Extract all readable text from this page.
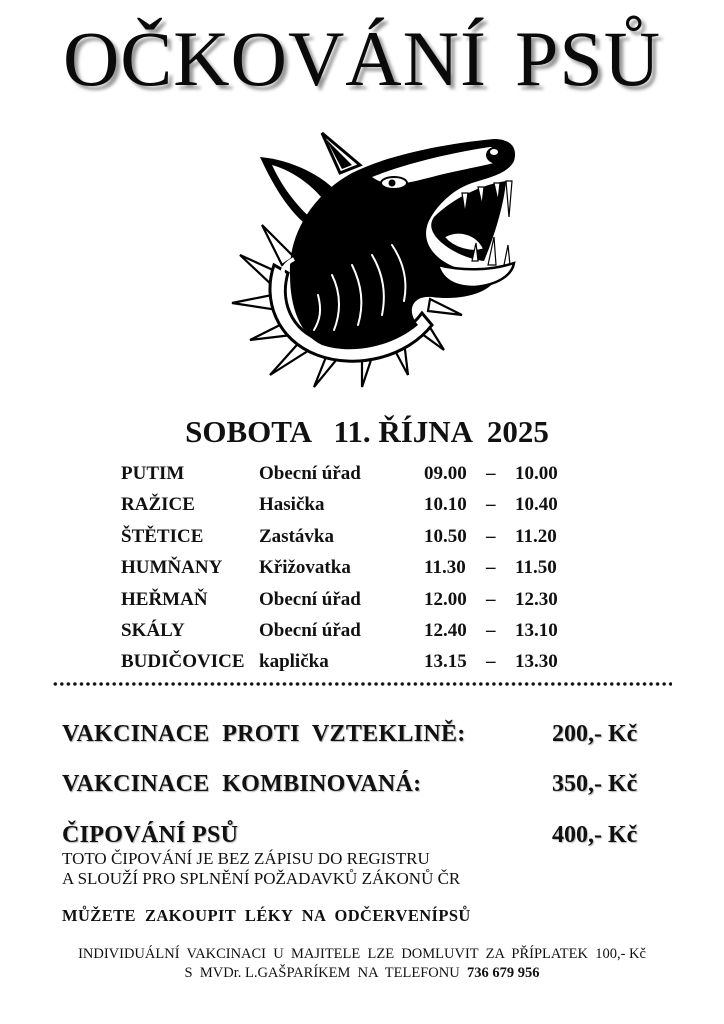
OČKOVÁNÍ PSŮ
SOBOTA   11. ŘÍJNA  2025
PUTIM	Obecní úřad	09.00 – 10.00
RAŽICE	Hasička	10.10 – 10.40
ŠTĚTICE	Zastávka	10.50 – 11.20
HUMŇANY Křižovatka	11.30 – 11.50
HEŘMAŇ	Obecní úřad	12.00 – 12.30
SKÁLY	Obecní úřad	12.40 – 13.10
BUDIČOVICE kaplička	13.15 – 13.30
VAKCINACE  PROTI  VZTEKLINĚ:	200,- Kč
VAKCINACE  KOMBINOVANÁ:	350,- Kč
ČIPOVÁNÍ PSŮ	400,- Kč
TOTO ČIPOVÁNÍ JE BEZ ZÁPISU DO REGISTRU
A SLOUŽÍ PRO SPLNĚNÍ POŽADAVKŮ ZÁKONŮ ČR
MŮŽETE  ZAKOUPIT  LÉKY  NA  ODČERVENÍPSŮ
INDIVIDUÁLNÍ  VAKCINACI  U  MAJITELE  LZE  DOMLUVIT  ZA  PŘÍPLATEK  100,- Kč
S  MVDr. L.GAŠPARÍKEM  NA  TELEFONU 736 679 956
